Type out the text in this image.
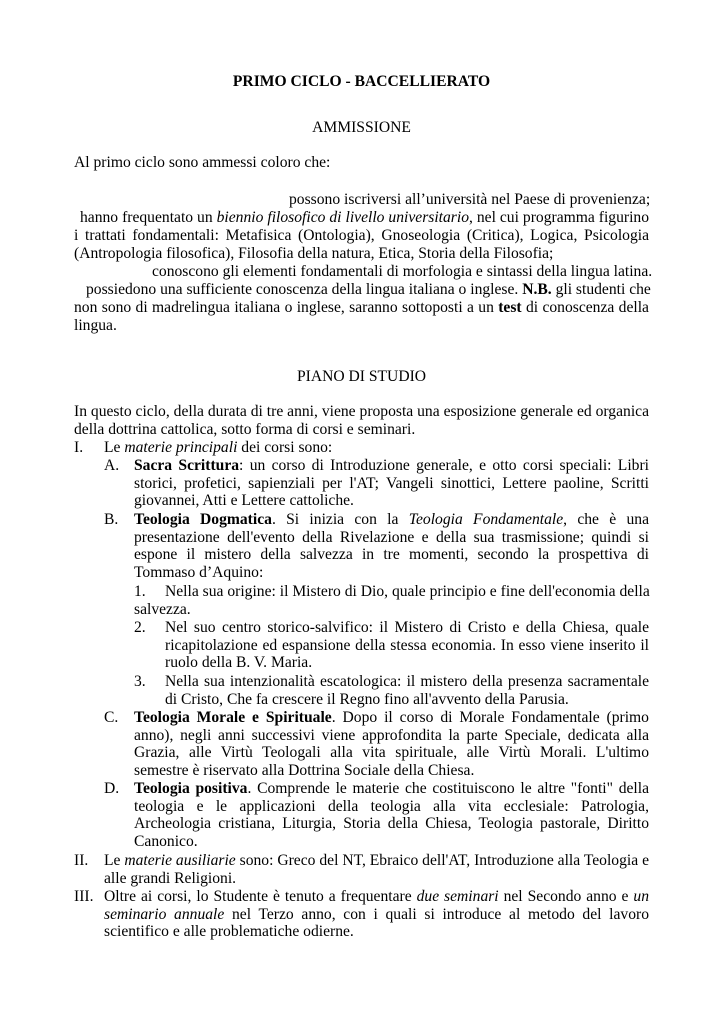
PRIMO CICLO - BACCELLIERATO
AMMISSIONE
Al primo ciclo sono ammessi coloro che:
possono iscriversi all’università nel Paese di provenienza;
hanno frequentato un biennio filosofico di livello universitario, nel cui programma figurino
i trattati fondamentali: Metafisica (Ontologia), Gnoseologia (Critica), Logica, Psicologia
(Antropologia filosofica), Filosofia della natura, Etica, Storia della Filosofia;
conoscono gli elementi fondamentali di morfologia e sintassi della lingua latina.
possiedono una sufficiente conoscenza della lingua italiana o inglese. N.B. gli studenti che
non sono di madrelingua italiana o inglese, saranno sottoposti a un test di conoscenza della
lingua.
PIANO DI STUDIO
In questo ciclo, della durata di tre anni, viene proposta una esposizione generale ed organica della dottrina cattolica, sotto forma di corsi e seminari.
I. Le materie principali dei corsi sono:
A. Sacra Scrittura: un corso di Introduzione generale, e otto corsi speciali: Libri storici, profetici, sapienziali per l'AT; Vangeli sinottici, Lettere paoline, Scritti giovannei, Atti e Lettere cattoliche.
B. Teologia Dogmatica. Si inizia con la Teologia Fondamentale, che è una presentazione dell'evento della Rivelazione e della sua trasmissione; quindi si espone il mistero della salvezza in tre momenti, secondo la prospettiva di Tommaso d’Aquino:
1. Nella sua origine: il Mistero di Dio, quale principio e fine dell'economia della
salvezza.
2. Nel suo centro storico-salvifico: il Mistero di Cristo e della Chiesa, quale ricapitolazione ed espansione della stessa economia. In esso viene inserito il ruolo della B. V. Maria.
3. Nella sua intenzionalità escatologica: il mistero della presenza sacramentale di Cristo, Che fa crescere il Regno fino all'avvento della Parusia.
C. Teologia Morale e Spirituale. Dopo il corso di Morale Fondamentale (primo anno), negli anni successivi viene approfondita la parte Speciale, dedicata alla Grazia, alle Virtù Teologali alla vita spirituale, alle Virtù Morali. L'ultimo semestre è riservato alla Dottrina Sociale della Chiesa.
D. Teologia positiva. Comprende le materie che costituiscono le altre "fonti" della teologia e le applicazioni della teologia alla vita ecclesiale: Patrologia, Archeologia cristiana, Liturgia, Storia della Chiesa, Teologia pastorale, Diritto Canonico.
II. Le materie ausiliarie sono: Greco del NT, Ebraico dell'AT, Introduzione alla Teologia e alle grandi Religioni.
III. Oltre ai corsi, lo Studente è tenuto a frequentare due seminari nel Secondo anno e un seminario annuale nel Terzo anno, con i quali si introduce al metodo del lavoro scientifico e alle problematiche odierne.
